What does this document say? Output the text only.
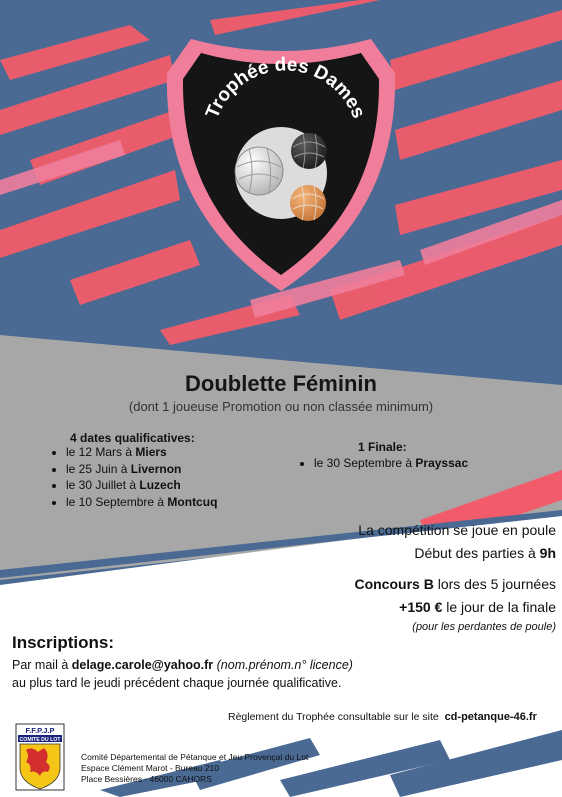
Trophée des Dames
Doublette Féminin
(dont 1 joueuse Promotion ou non classée minimum)
4 dates qualificatives:
• le 12 Mars à Miers
• le 25 Juin à Livernon
• le 30 Juillet à Luzech
• le 10 Septembre à Montcuq
1 Finale:
• le 30 Septembre à Prayssac
La compétition se joue en poule
Début des parties à 9h
Concours B lors des 5 journées
+150 € le jour de la finale
(pour les perdantes de poule)
Inscriptions:
Par mail à delage.carole@yahoo.fr (nom.prénom.n° licence)
au plus tard le jeudi précédent chaque journée qualificative.
Règlement du Trophée consultable sur le site cd-petanque-46.fr
F.F.P.J.P
COMITE DU LOT
Comité Départemental de Pétanque et Jeu Provençal du Lot
Espace Clément Marot - Bureau 210
Place Bessières - 46000 CAHORS
